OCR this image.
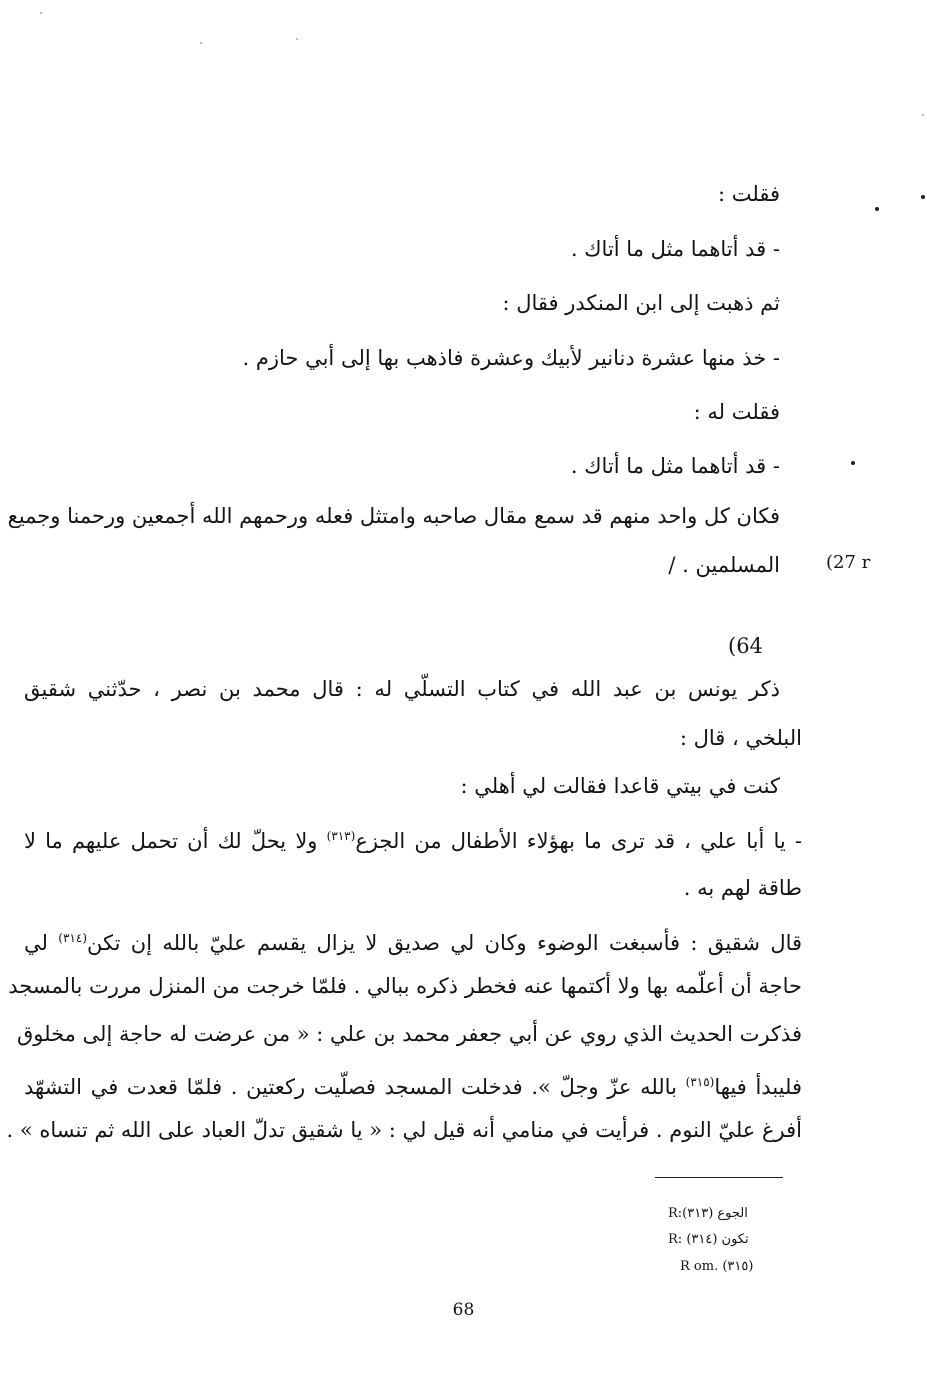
فقلت :
- قد أتاهما مثل ما أتاك .
ثم ذهبت إلى ابن المنكدر فقال :
- خذ منها عشرة دنانير لأبيك وعشرة فاذهب بها إلى أبي حازم .
فقلت له :
- قد أتاهما مثل ما أتاك .
فكان كل واحد منهم قد سمع مقال صاحبه وامتثل فعله ورحمهم الله أجمعين ورحمنا وجميع
المسلمين . /	(27 r
(64
ذكر يونس بن عبد الله في كتاب التسلّي له : قال محمد بن نصر ، حدّثني شقيق
البلخي ، قال :
كنت في بيتي قاعدا فقالت لي أهلي :
- يا أبا علي ، قد ترى ما بهؤلاء الأطفال من الجزع$^{(٣١٣)}$ ولا يحلّ لك أن تحمل عليهم ما لا
طاقة لهم به .
قال شقيق : فأسبغت الوضوء وكان لي صديق لا يزال يقسم عليّ بالله إن تكن$^{(٣١٤)}$ لي
حاجة أن أعلّمه بها ولا أكتمها عنه فخطر ذكره ببالي . فلمّا خرجت من المنزل مررت بالمسجد
فذكرت الحديث الذي روي عن أبي جعفر محمد بن علي : « من عرضت له حاجة إلى مخلوق
فليبدأ فيها$^{(٣١٥)}$ بالله عزّ وجلّ ». فدخلت المسجد فصلّيت ركعتين . فلمّا قعدت في التشهّد
أفرغ عليّ النوم . فرأيت في منامي أنه قيل لي : « يا شقيق تدلّ العباد على الله ثم تنساه » .
R:الجوع (٣١٣)
R: تكون (٣١٤)
R om. (٣١٥)
68
